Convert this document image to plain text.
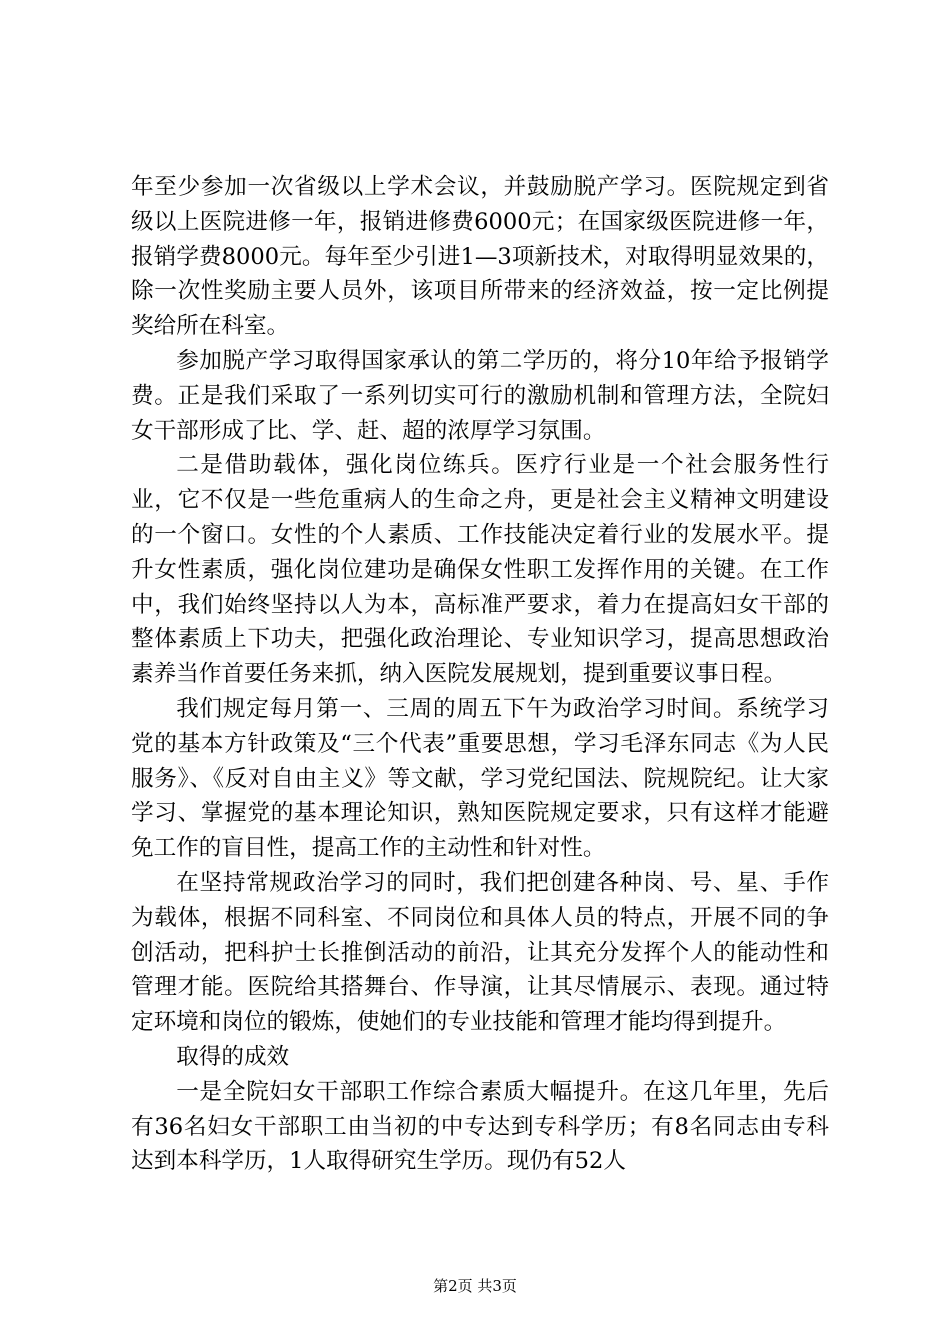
年至少参加一次省级以上学术会议，并鼓励脱产学习。医院规定到省级以上医院进修一年，报销进修费6000元；在国家级医院进修一年，报销学费8000元。每年至少引进1—3项新技术，对取得明显效果的，除一次性奖励主要人员外，该项目所带来的经济效益，按一定比例提奖给所在科室。

参加脱产学习取得国家承认的第二学历的，将分10年给予报销学费。正是我们采取了一系列切实可行的激励机制和管理方法，全院妇女干部形成了比、学、赶、超的浓厚学习氛围。

二是借助载体，强化岗位练兵。医疗行业是一个社会服务性行业，它不仅是一些危重病人的生命之舟，更是社会主义精神文明建设的一个窗口。女性的个人素质、工作技能决定着行业的发展水平。提升女性素质，强化岗位建功是确保女性职工发挥作用的关键。在工作中，我们始终坚持以人为本，高标准严要求，着力在提高妇女干部的整体素质上下功夫，把强化政治理论、专业知识学习，提高思想政治素养当作首要任务来抓，纳入医院发展规划，提到重要议事日程。

我们规定每月第一、三周的周五下午为政治学习时间。系统学习党的基本方针政策及“三个代表”重要思想，学习毛泽东同志《为人民服务》、《反对自由主义》等文献，学习党纪国法、院规院纪。让大家学习、掌握党的基本理论知识，熟知医院规定要求，只有这样才能避免工作的盲目性，提高工作的主动性和针对性。

在坚持常规政治学习的同时，我们把创建各种岗、号、星、手作为载体，根据不同科室、不同岗位和具体人员的特点，开展不同的争创活动，把科护士长推倒活动的前沿，让其充分发挥个人的能动性和管理才能。医院给其搭舞台、作导演，让其尽情展示、表现。通过特定环境和岗位的锻炼，使她们的专业技能和管理才能均得到提升。

取得的成效

一是全院妇女干部职工作综合素质大幅提升。在这几年里，先后有36名妇女干部职工由当初的中专达到专科学历；有8名同志由专科达到本科学历，1人取得研究生学历。现仍有52人

第2页 共3页
